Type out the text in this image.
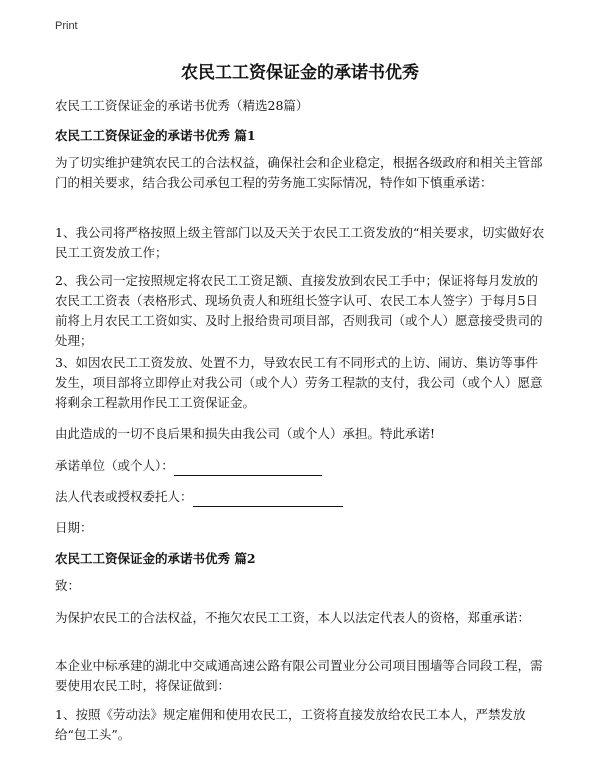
Print
农民工工资保证金的承诺书优秀
农民工工资保证金的承诺书优秀（精选28篇）
农民工工资保证金的承诺书优秀 篇1
为了切实维护建筑农民工的合法权益，确保社会和企业稳定，根据各级政府和相关主管部门的相关要求，结合我公司承包工程的劳务施工实际情况，特作如下慎重承诺：
1、我公司将严格按照上级主管部门以及天关于农民工工资发放的“相关要求，切实做好农民工工资发放工作；
2、我公司一定按照规定将农民工工资足额、直接发放到农民工手中；保证将每月发放的农民工工资表（表格形式、现场负责人和班组长签字认可、农民工本人签字）于每月5日前将上月农民工工资如实、及时上报给贵司项目部，否则我司（或个人）愿意接受贵司的处理；
3、如因农民工工资发放、处置不力，导致农民工有不同形式的上访、闹访、集访等事件发生，项目部将立即停止对我公司（或个人）劳务工程款的支付，我公司（或个人）愿意将剩余工程款用作民工工资保证金。
由此造成的一切不良后果和损失由我公司（或个人）承担。特此承诺!
承诺单位（或个人）：
法人代表或授权委托人：
日期：
农民工工资保证金的承诺书优秀 篇2
致：
为保护农民工的合法权益，不拖欠农民工工资，本人以法定代表人的资格，郑重承诺：
本企业中标承建的湖北中交咸通高速公路有限公司置业分公司项目围墙等合同段工程，需要使用农民工时，将保证做到：
1、按照《劳动法》规定雇佣和使用农民工，工资将直接发放给农民工本人，严禁发放给“包工头”。
